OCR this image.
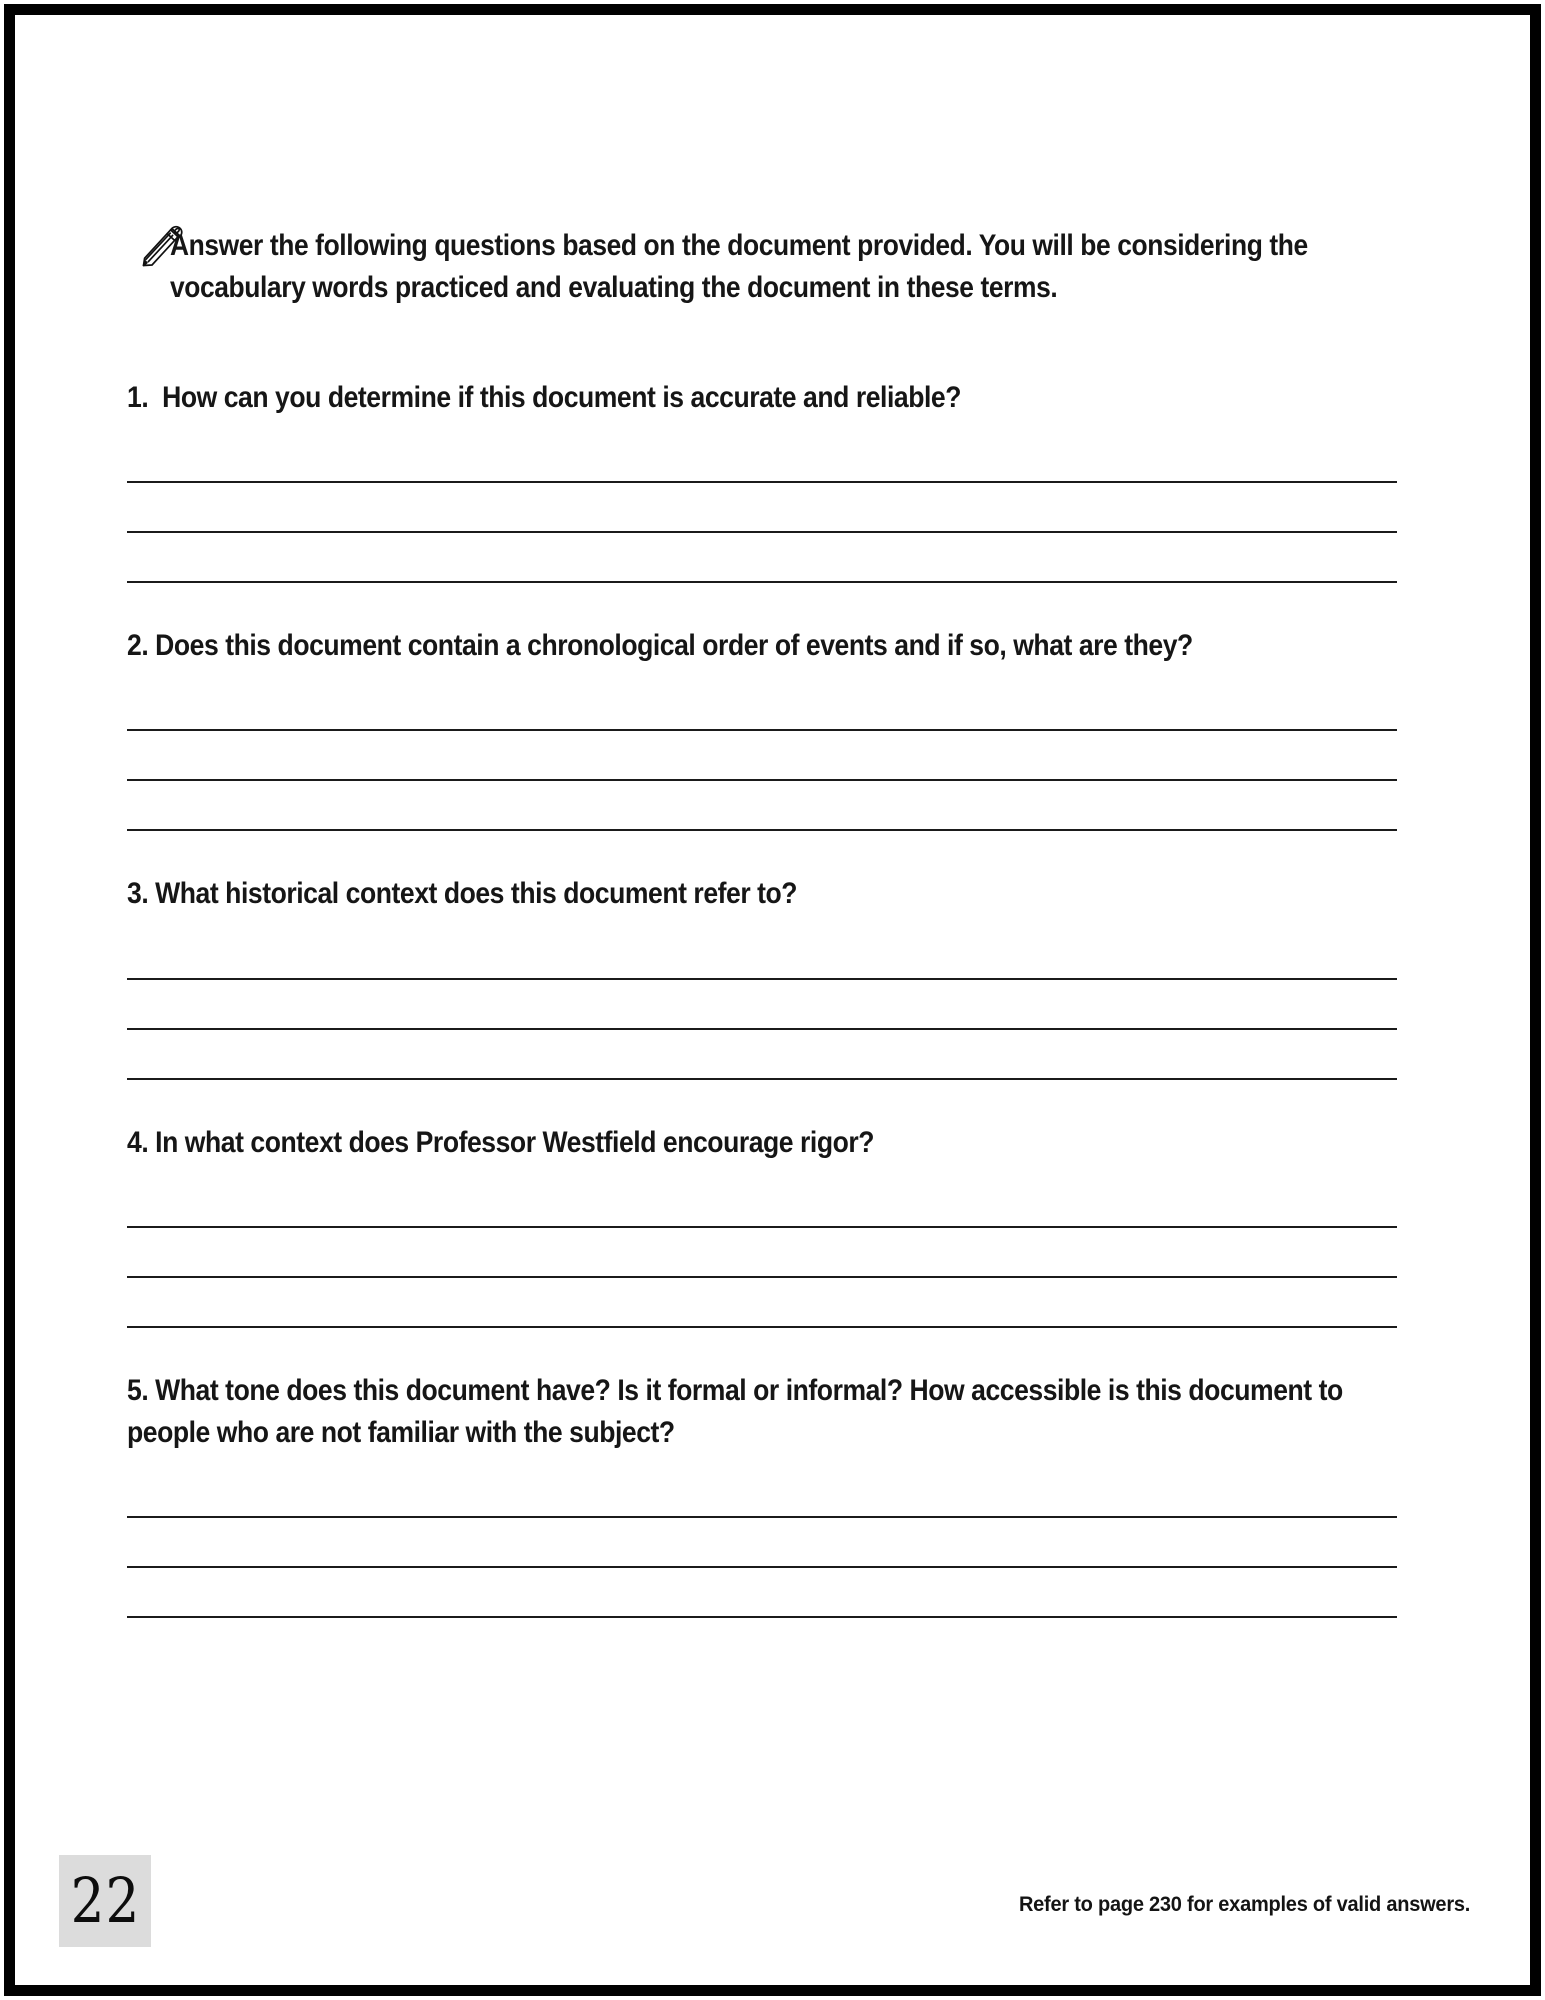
Answer the following questions based on the document provided. You will be considering the vocabulary words practiced and evaluating the document in these terms.

1.  How can you determine if this document is accurate and reliable?

2. Does this document contain a chronological order of events and if so, what are they?

3. What historical context does this document refer to?

4. In what context does Professor Westfield encourage rigor?

5. What tone does this document have? Is it formal or informal? How accessible is this document to people who are not familiar with the subject?

22	Refer to page 230 for examples of valid answers.
